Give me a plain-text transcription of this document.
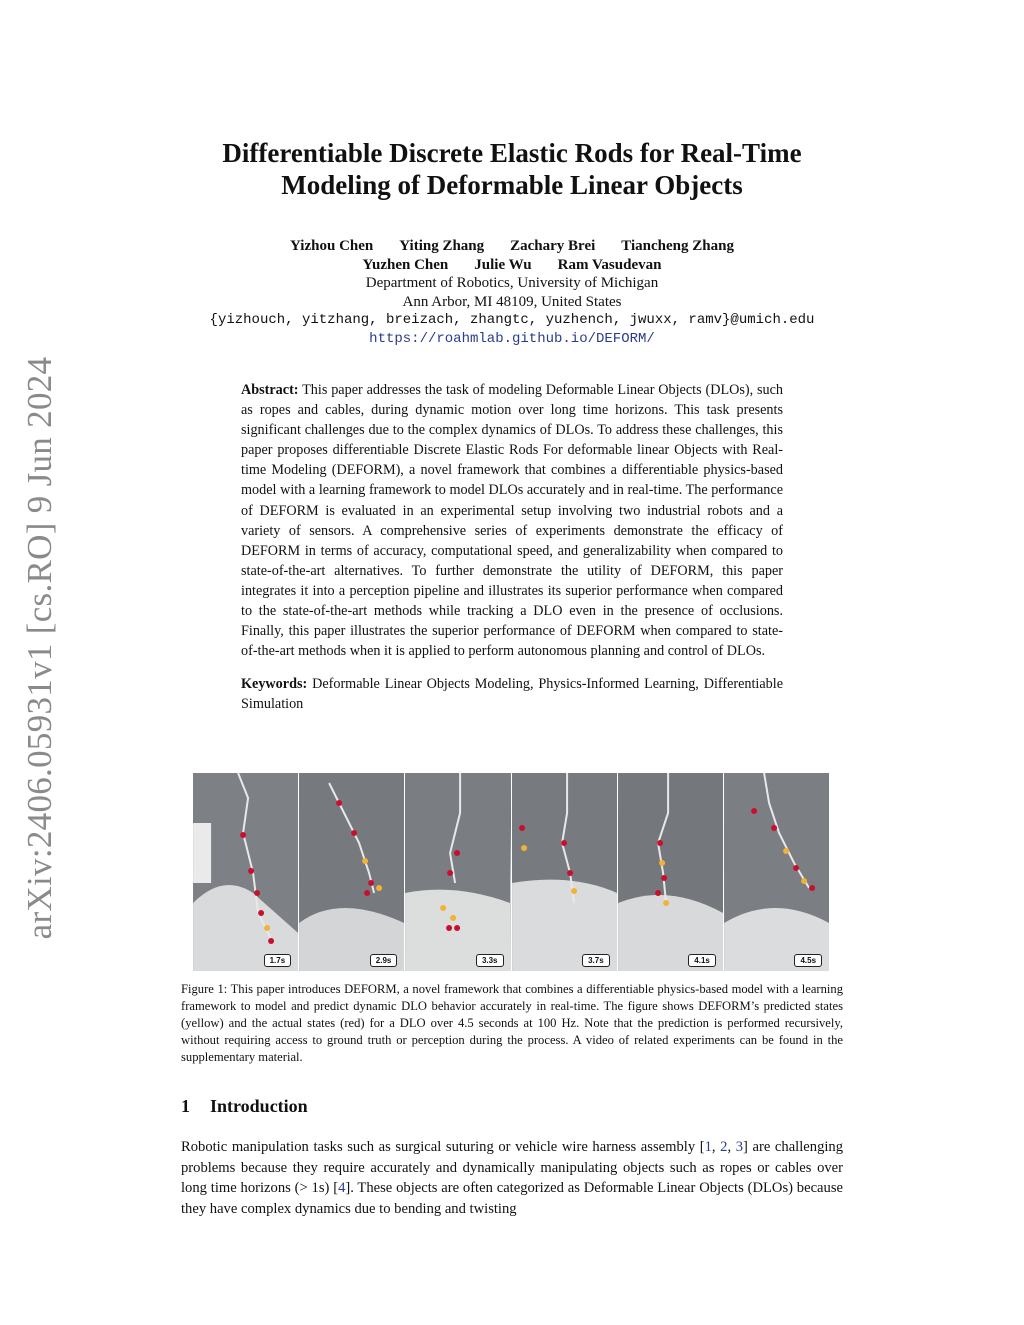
arXiv:2406.05931v1 [cs.RO] 9 Jun 2024
Differentiable Discrete Elastic Rods for Real-Time
Modeling of Deformable Linear Objects
Yizhou Chen Yiting Zhang Zachary Brei Tiancheng Zhang
Yuzhen Chen Julie Wu Ram Vasudevan
Department of Robotics, University of Michigan
Ann Arbor, MI 48109, United States
{yizhouch, yitzhang, breizach, zhangtc, yuzhench, jwuxx, ramv}@umich.edu
https://roahmlab.github.io/DEFORM/

Abstract: This paper addresses the task of modeling Deformable Linear Objects (DLOs), such as ropes and cables, during dynamic motion over long time horizons. This task presents significant challenges due to the complex dynamics of DLOs. To address these challenges, this paper proposes differentiable Discrete Elastic Rods For deformable linear Objects with Real-time Modeling (DEFORM), a novel framework that combines a differentiable physics-based model with a learning framework to model DLOs accurately and in real-time. The performance of DEFORM is evaluated in an experimental setup involving two industrial robots and a variety of sensors. A comprehensive series of experiments demonstrate the efficacy of DEFORM in terms of accuracy, computational speed, and generalizability when compared to state-of-the-art alternatives. To further demonstrate the utility of DEFORM, this paper integrates it into a perception pipeline and illustrates its superior performance when compared to the state-of-the-art methods while tracking a DLO even in the presence of occlusions. Finally, this paper illustrates the superior performance of DEFORM when compared to state-of-the-art methods when it is applied to perform autonomous planning and control of DLOs.

Keywords: Deformable Linear Objects Modeling, Physics-Informed Learning, Differentiable Simulation

1.7s	2.9s	3.3s	3.7s	4.1s	4.5s
Figure 1: This paper introduces DEFORM, a novel framework that combines a differentiable physics-based model with a learning framework to model and predict dynamic DLO behavior accurately in real-time. The figure shows DEFORM’s predicted states (yellow) and the actual states (red) for a DLO over 4.5 seconds at 100 Hz. Note that the prediction is performed recursively, without requiring access to ground truth or perception during the process. A video of related experiments can be found in the supplementary material.
1 Introduction

Robotic manipulation tasks such as surgical suturing or vehicle wire harness assembly [1, 2, 3] are challenging problems because they require accurately and dynamically manipulating objects such as ropes or cables over long time horizons (> 1s) [4]. These objects are often categorized as Deformable Linear Objects (DLOs) because they have complex dynamics due to bending and twisting
